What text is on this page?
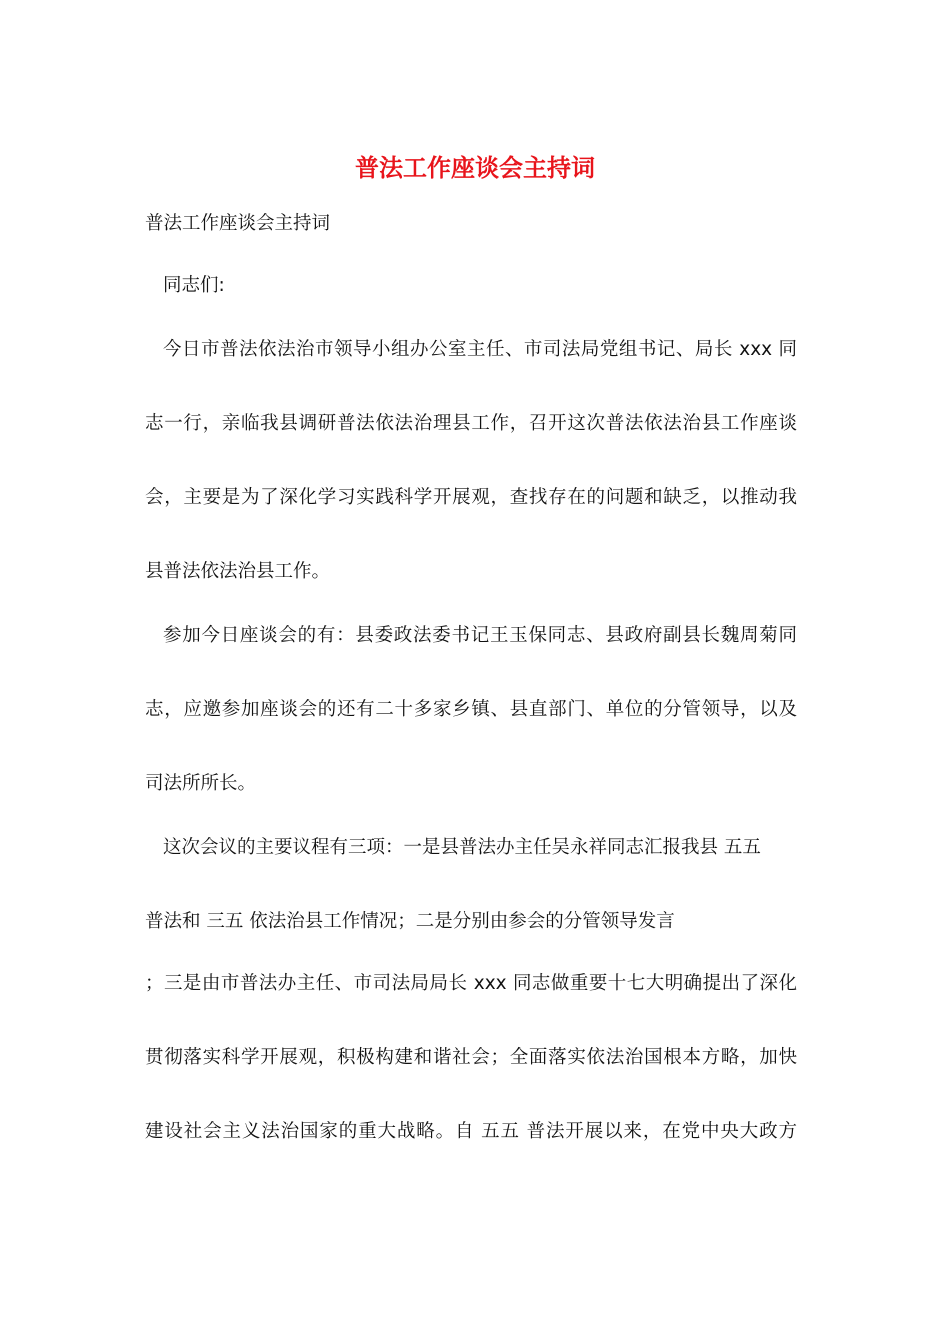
普法工作座谈会主持词

普法工作座谈会主持词

同志们:

今日市普法依法治市领导小组办公室主任、市司法局党组书记、局长 xxx 同

志一行，亲临我县调研普法依法治理县工作，召开这次普法依法治县工作座谈

会，主要是为了深化学习实践科学开展观，查找存在的问题和缺乏，以推动我

县普法依法治县工作。

参加今日座谈会的有：县委政法委书记王玉保同志、县政府副县长魏周菊同

志，应邀参加座谈会的还有二十多家乡镇、县直部门、单位的分管领导，以及

司法所所长。

这次会议的主要议程有三项：一是县普法办主任吴永祥同志汇报我县 五五

普法和 三五 依法治县工作情况；二是分别由参会的分管领导发言

；三是由市普法办主任、市司法局局长 xxx 同志做重要十七大明确提出了深化

贯彻落实科学开展观，积极构建和谐社会；全面落实依法治国根本方略，加快

建设社会主义法治国家的重大战略。自 五五 普法开展以来，在党中央大政方
